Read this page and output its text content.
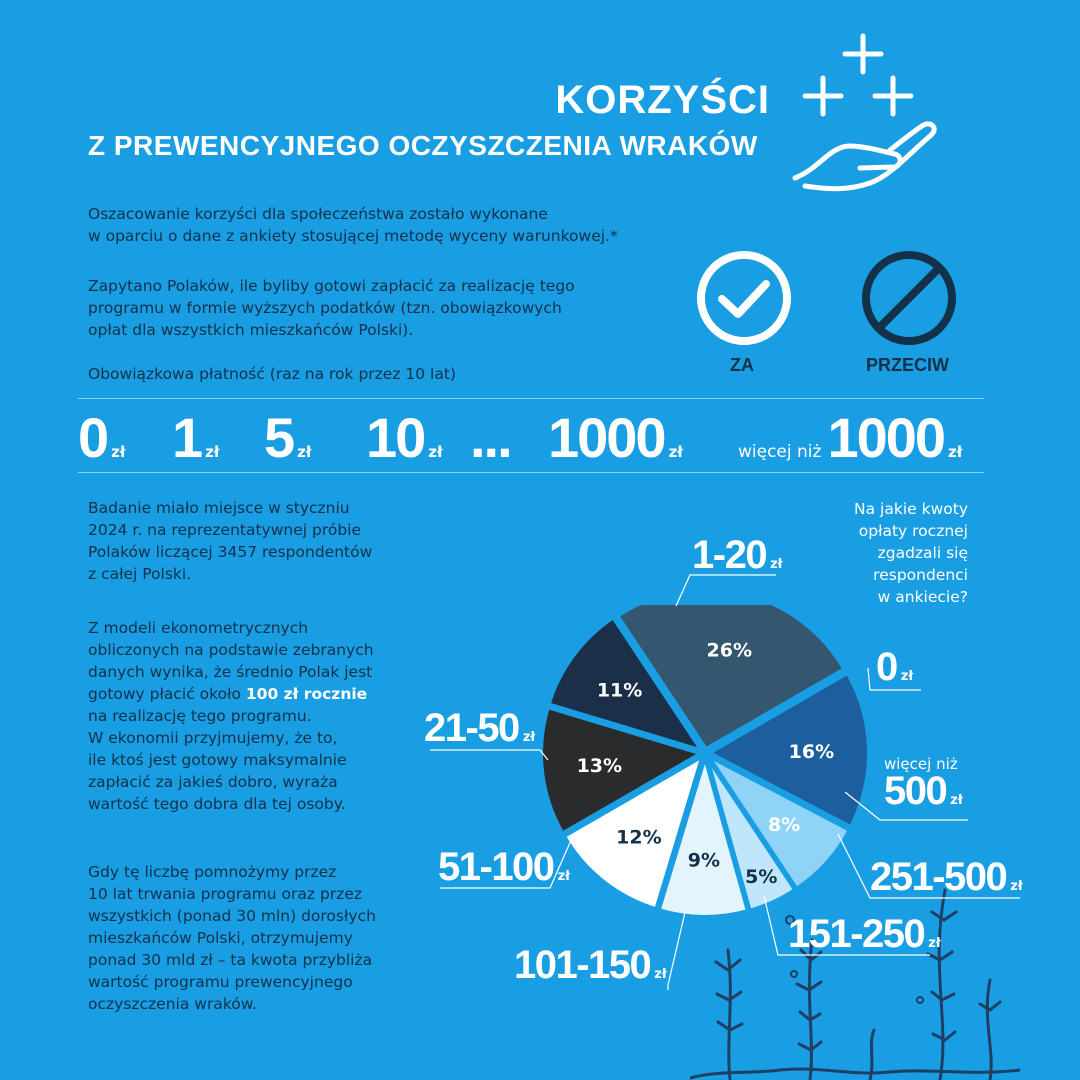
KORZYŚCI
Z PREWENCYJNEGO OCZYSZCZENIA WRAKÓW
Oszacowanie korzyści dla społeczeństwa zostało wykonane
w oparciu o dane z ankiety stosującej metodę wyceny warunkowej.*
Zapytano Polaków, ile byliby gotowi zapłacić za realizację tego
programu w formie wyższych podatków (tzn. obowiązkowych
opłat dla wszystkich mieszkańców Polski).
Obowiązkowa płatność (raz na rok przez 10 lat)	ZA	PRZECIW
0 zł 1 zł 5 zł 10 zł ... 1000 zł	więcej niż 1000 zł
Badanie miało miejsce w styczniu
2024 r. na reprezentatywnej próbie
Polaków liczącej 3457 respondentów
z całej Polski.
Z modeli ekonometrycznych
obliczonych na podstawie zebranych
danych wynika, że średnio Polak jest
gotowy płacić około 100 zł rocznie
na realizację tego programu.
W ekonomii przyjmujemy, że to,
ile ktoś jest gotowy maksymalnie
zapłacić za jakieś dobro, wyraża
wartość tego dobra dla tej osoby.
Gdy tę liczbę pomnożymy przez
10 lat trwania programu oraz przez
wszystkich (ponad 30 mln) dorosłych
mieszkańców Polski, otrzymujemy
ponad 30 mld zł – ta kwota przybliża
wartość programu prewencyjnego
oczyszczenia wraków.
Na jakie kwoty
opłaty rocznej
zgadzali się
respondenci
w ankiecie?
16%
8%
5%
9%
12%
13%
11%
26%
1-20 zł
0 zł
więcej niż
500 zł
251-500 zł
151-250 zł
101-150 zł
51-100 zł
21-50 zł
